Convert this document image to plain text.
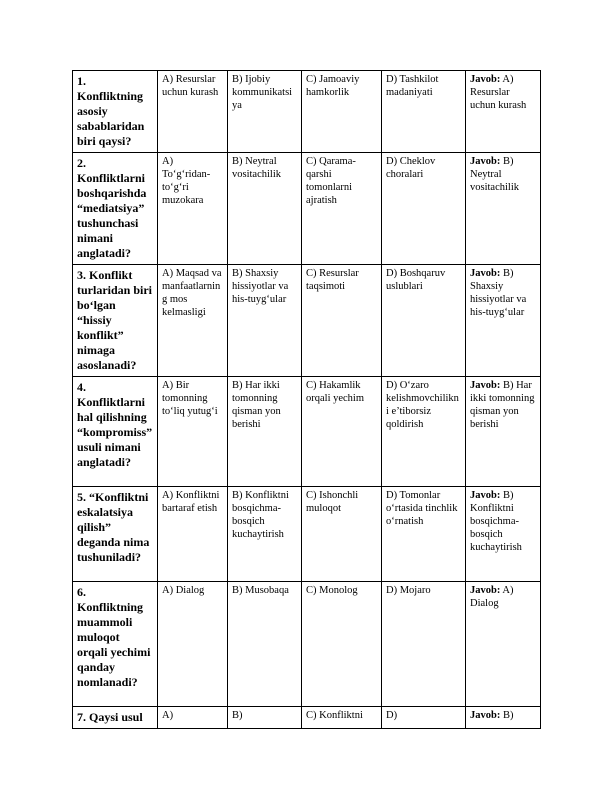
1. Konfliktning asosiy sabablaridan biri qaysi?	A) Resurslar uchun kurash	B) Ijobiy kommunikatsiya	C) Jamoaviy hamkorlik	D) Tashkilot madaniyati	Javob: A) Resurslar uchun kurash
2. Konfliktlarni boshqarishda “mediatsiya” tushunchasi nimani anglatadi?	A) To‘g‘ridan-to‘g‘ri muzokara	B) Neytral vositachilik	C) Qarama-qarshi tomonlarni ajratish	D) Cheklov choralari	Javob: B) Neytral vositachilik
3. Konflikt turlaridan biri bo‘lgan “hissiy konflikt” nimaga asoslanadi?	A) Maqsad va manfaatlarning mos kelmasligi	B) Shaxsiy hissiyotlar va his-tuyg‘ular	C) Resurslar taqsimoti	D) Boshqaruv uslublari	Javob: B) Shaxsiy hissiyotlar va his-tuyg‘ular
4. Konfliktlarni hal qilishning “kompromiss” usuli nimani anglatadi?	A) Bir tomonning to‘liq yutug‘i	B) Har ikki tomonning qisman yon berishi	C) Hakamlik orqali yechim	D) O‘zaro kelishmovchilikni e’tiborsiz qoldirish	Javob: B) Har ikki tomonning qisman yon berishi
5. “Konfliktni eskalatsiya qilish” deganda nima tushuniladi?	A) Konfliktni bartaraf etish	B) Konfliktni bosqichma-bosqich kuchaytirish	C) Ishonchli muloqot	D) Tomonlar o‘rtasida tinchlik o‘rnatish	Javob: B) Konfliktni bosqichma-bosqich kuchaytirish
6. Konfliktning muammoli muloqot orqali yechimi qanday nomlanadi?	A) Dialog	B) Musobaqa	C) Monolog	D) Mojaro	Javob: A) Dialog
7. Qaysi usul	A)	B)	C) Konfliktni	D)	Javob: B)
